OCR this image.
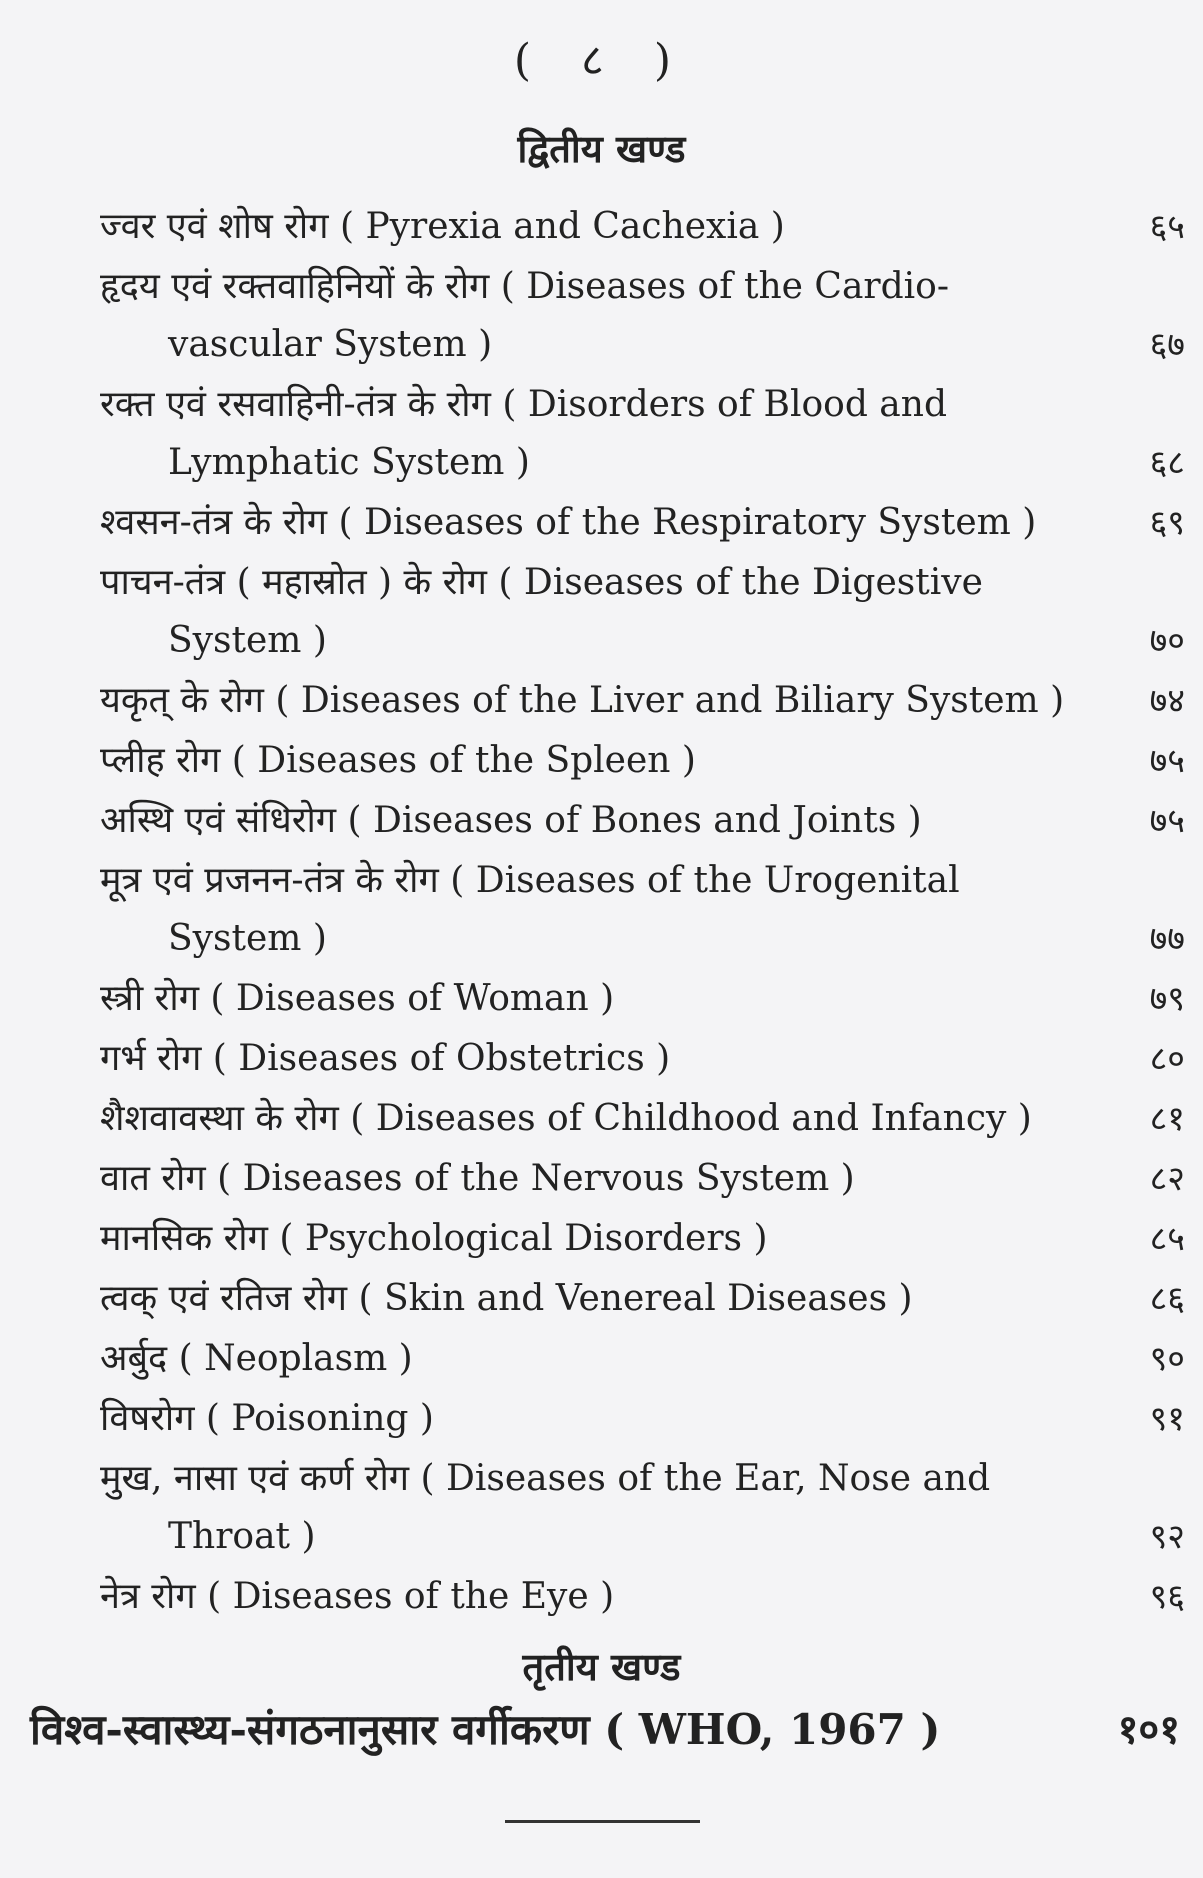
( ८ )
द्वितीय खण्ड
ज्वर एवं शोष रोग ( Pyrexia and Cachexia )	६५
हृदय एवं रक्तवाहिनियों के रोग ( Diseases of the Cardio-
vascular System )	६७
रक्त एवं रसवाहिनी-तंत्र के रोग ( Disorders of Blood and
Lymphatic System )	६८
श्वसन-तंत्र के रोग ( Diseases of the Respiratory System )	६९
पाचन-तंत्र ( महास्रोत ) के रोग ( Diseases of the Digestive
System )	७०
यकृत् के रोग ( Diseases of the Liver and Biliary System )	७४
प्लीह रोग ( Diseases of the Spleen )	७५
अस्थि एवं संधिरोग ( Diseases of Bones and Joints )	७५
मूत्र एवं प्रजनन-तंत्र के रोग ( Diseases of the Urogenital
System )	७७
स्त्री रोग ( Diseases of Woman )	७९
गर्भ रोग ( Diseases of Obstetrics )	८०
शैशवावस्था के रोग ( Diseases of Childhood and Infancy )	८१
वात रोग ( Diseases of the Nervous System )	८२
मानसिक रोग ( Psychological Disorders )	८५
त्वक् एवं रतिज रोग ( Skin and Venereal Diseases )	८६
अर्बुद ( Neoplasm )	९०
विषरोग ( Poisoning )	९१
मुख, नासा एवं कर्ण रोग ( Diseases of the Ear, Nose and
Throat )	९२
नेत्र रोग ( Diseases of the Eye )	९६
तृतीय खण्ड
विश्व-स्वास्थ्य-संगठनानुसार वर्गीकरण ( WHO, 1967 )	१०१
